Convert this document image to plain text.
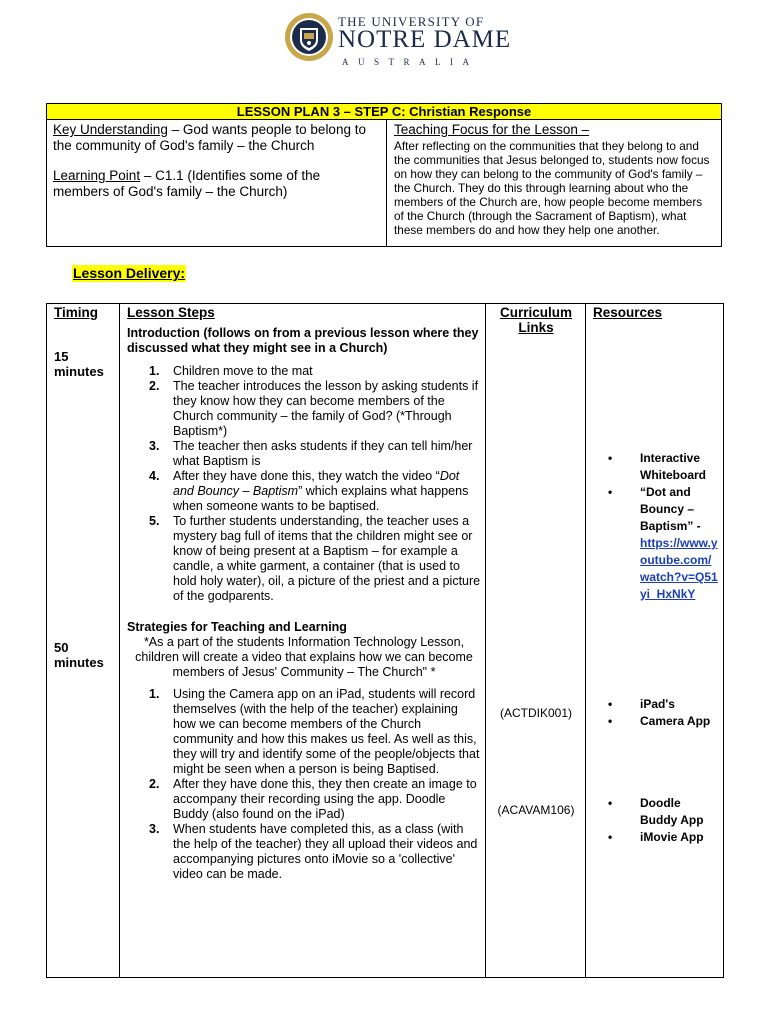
THE UNIVERSITY OF
NOTRE DAME
AUSTRALIA
LESSON PLAN 3 – STEP C: Christian Response
Key Understanding – God wants people to belong to the community of God's family – the Church
Learning Point – C1.1 (Identifies some of the members of God's family – the Church)
Teaching Focus for the Lesson –
After reflecting on the communities that they belong to and the communities that Jesus belonged to, students now focus on how they can belong to the community of God's family – the Church. They do this through learning about who the members of the Church are, how people become members of the Church (through the Sacrament of Baptism), what these members do and how they help one another.
Lesson Delivery:
Timing
15 minutes
50 minutes
Lesson Steps
Introduction (follows on from a previous lesson where they discussed what they might see in a Church)
1. Children move to the mat
2. The teacher introduces the lesson by asking students if they know how they can become members of the Church community – the family of God? (*Through Baptism*)
3. The teacher then asks students if they can tell him/her what Baptism is
4. After they have done this, they watch the video “Dot and Bouncy – Baptism” which explains what happens when someone wants to be baptised.
5. To further students understanding, the teacher uses a mystery bag full of items that the children might see or know of being present at a Baptism – for example a candle, a white garment, a container (that is used to hold holy water), oil, a picture of the priest and a picture of the godparents.
Strategies for Teaching and Learning
*As a part of the students Information Technology Lesson, children will create a video that explains how we can become members of Jesus' Community – The Church" *
1. Using the Camera app on an iPad, students will record themselves (with the help of the teacher) explaining how we can become members of the Church community and how this makes us feel. As well as this, they will try and identify some of the people/objects that might be seen when a person is being Baptised.
2. After they have done this, they then create an image to accompany their recording using the app. Doodle Buddy (also found on the iPad)
3. When students have completed this, as a class (with the help of the teacher) they all upload their videos and accompanying pictures onto iMovie so a 'collective' video can be made.
Curriculum Links
(ACTDIK001)
(ACAVAM106)
Resources
• Interactive Whiteboard
• “Dot and Bouncy – Baptism” -
https://www.youtube.com/watch?v=Q51yi_HxNkY
• iPad's
• Camera App
• Doodle Buddy App
• iMovie App
